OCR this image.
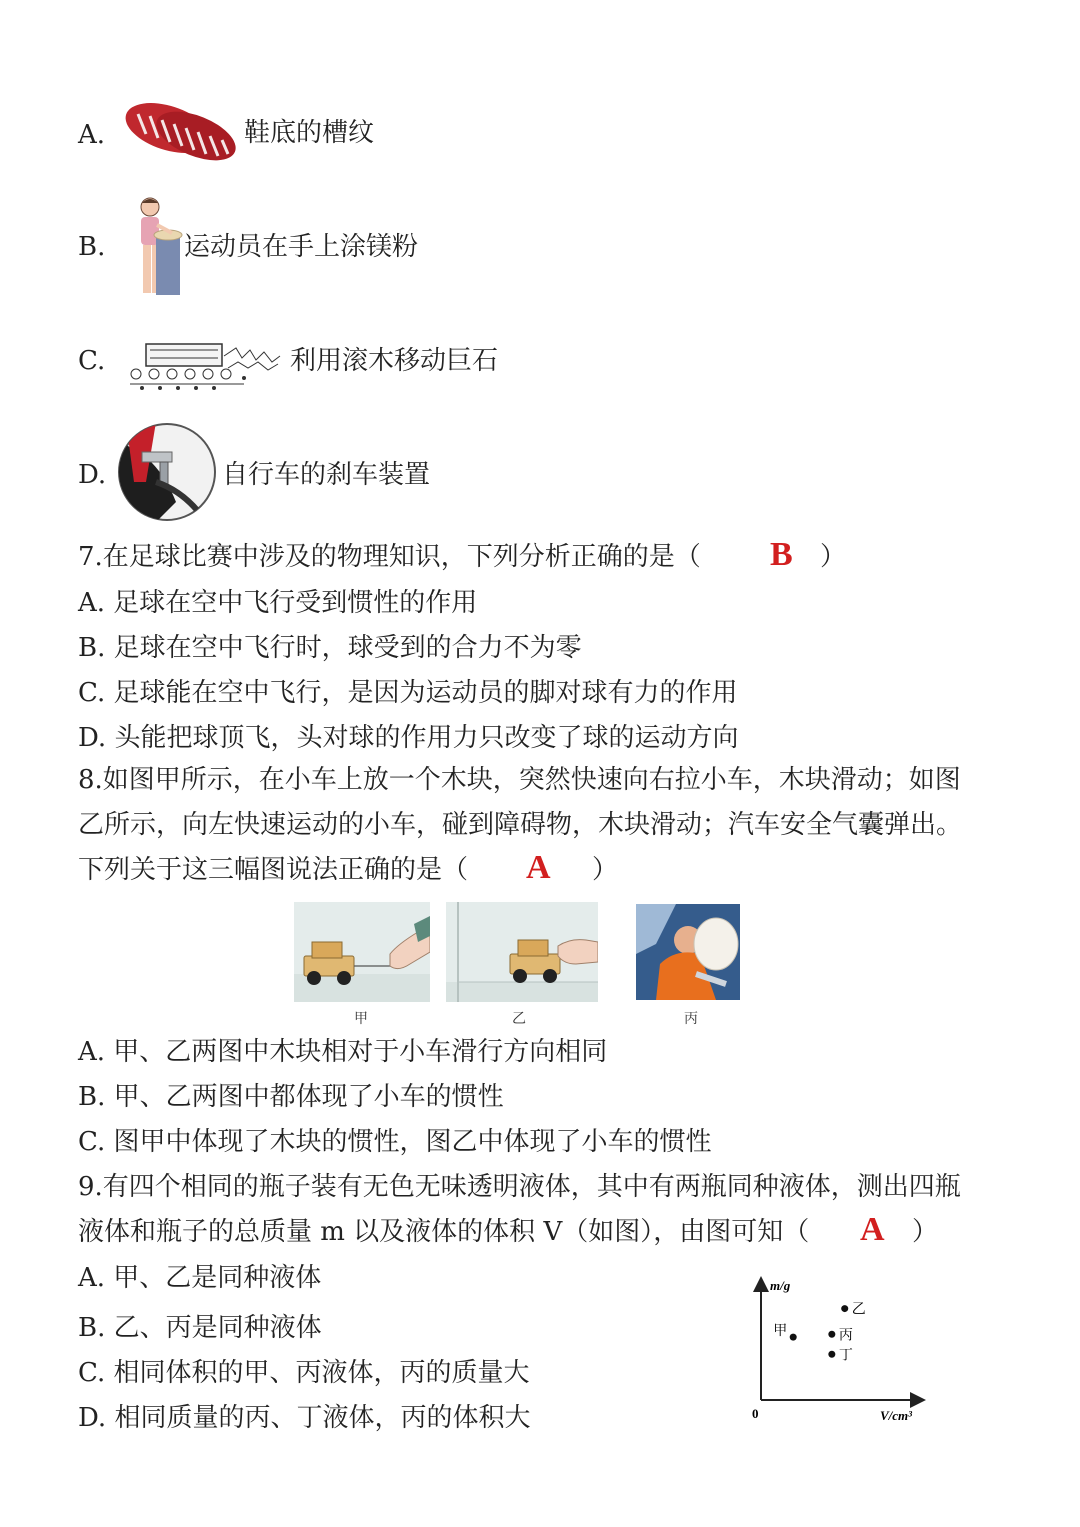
A.	鞋底的槽纹
B.	运动员在手上涂镁粉
C.	利用滚木移动巨石
D.	自行车的刹车装置
7.在足球比赛中涉及的物理知识，下列分析正确的是（ B ）
A. 足球在空中飞行受到惯性的作用
B. 足球在空中飞行时，球受到的合力不为零
C. 足球能在空中飞行，是因为运动员的脚对球有力的作用
D. 头能把球顶飞，头对球的作用力只改变了球的运动方向
8.如图甲所示，在小车上放一个木块，突然快速向右拉小车，木块滑动；如图
乙所示，向左快速运动的小车，碰到障碍物，木块滑动；汽车安全气囊弹出。
下列关于这三幅图说法正确的是（ A ）
甲	乙	丙
A. 甲、乙两图中木块相对于小车滑行方向相同
B. 甲、乙两图中都体现了小车的惯性
C. 图甲中体现了木块的惯性，图乙中体现了小车的惯性
9.有四个相同的瓶子装有无色无味透明液体，其中有两瓶同种液体，测出四瓶
液体和瓶子的总质量 m 以及液体的体积 V（如图），由图可知（ A ）
A. 甲、乙是同种液体
B. 乙、丙是同种液体
C. 相同体积的甲、丙液体，丙的质量大
D. 相同质量的丙、丁液体，丙的体积大
m/g
V/cm³
0
甲
乙
丙
丁
